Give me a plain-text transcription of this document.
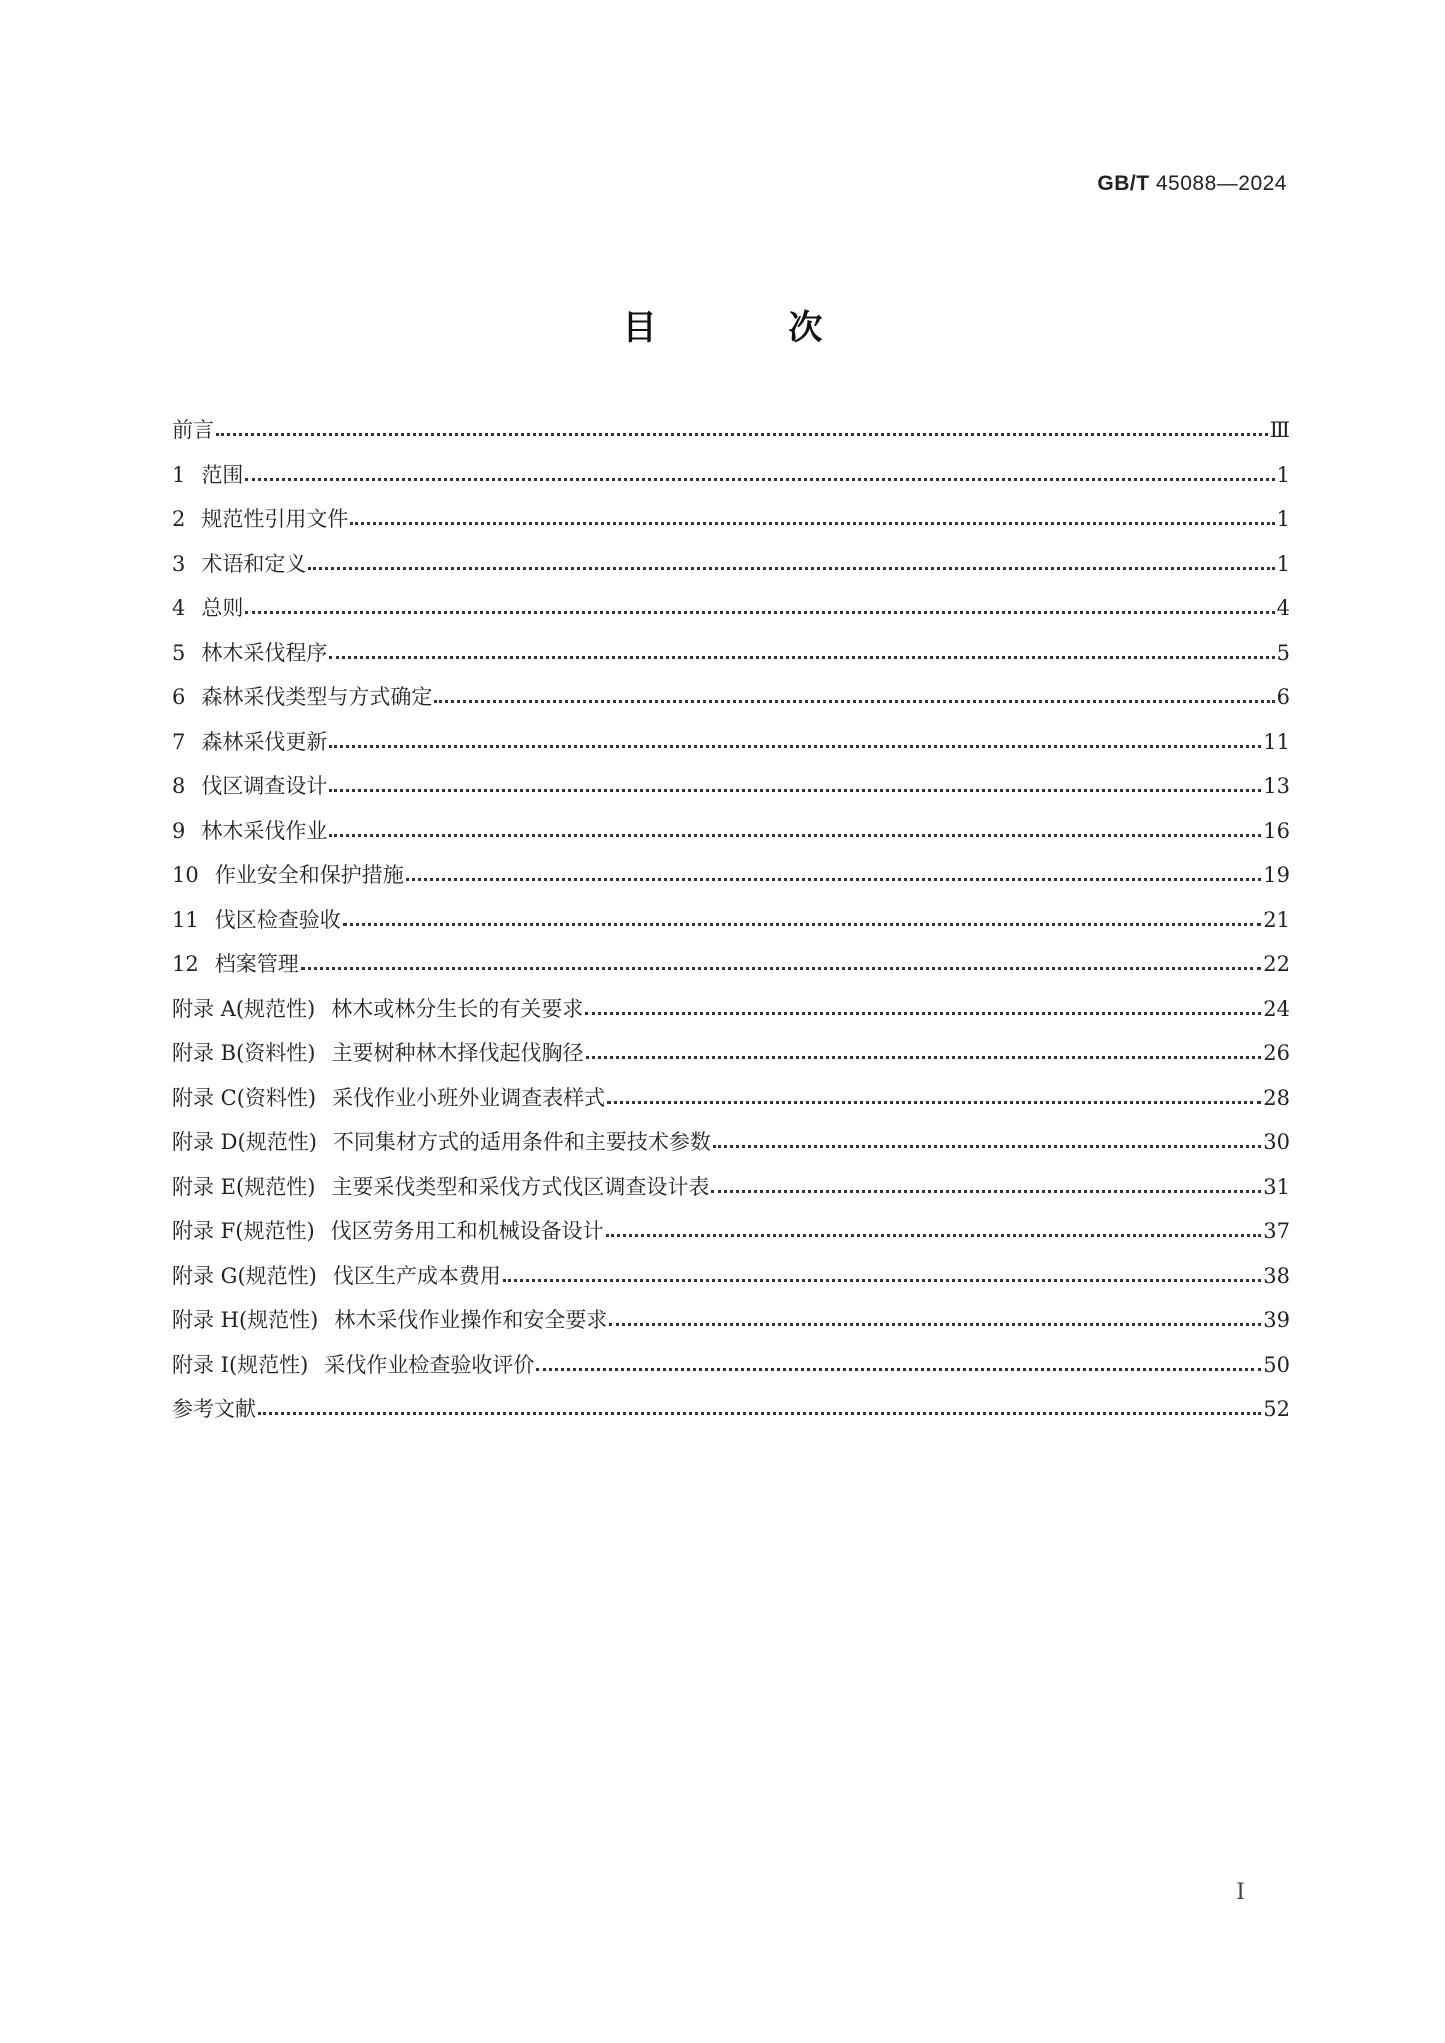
GB/T 45088—2024
目 次
前言	Ⅲ
1 范围	1
2 规范性引用文件	1
3 术语和定义	1
4 总则	4
5 林木采伐程序	5
6 森林采伐类型与方式确定	6
7 森林采伐更新	11
8 伐区调查设计	13
9 林木采伐作业	16
10 作业安全和保护措施	19
11 伐区检查验收	21
12 档案管理	22
附录 A(规范性) 林木或林分生长的有关要求	24
附录 B(资料性) 主要树种林木择伐起伐胸径	26
附录 C(资料性) 采伐作业小班外业调查表样式	28
附录 D(规范性) 不同集材方式的适用条件和主要技术参数	30
附录 E(规范性) 主要采伐类型和采伐方式伐区调查设计表	31
附录 F(规范性) 伐区劳务用工和机械设备设计	37
附录 G(规范性) 伐区生产成本费用	38
附录 H(规范性) 林木采伐作业操作和安全要求	39
附录 I(规范性) 采伐作业检查验收评价	50
参考文献	52
I
